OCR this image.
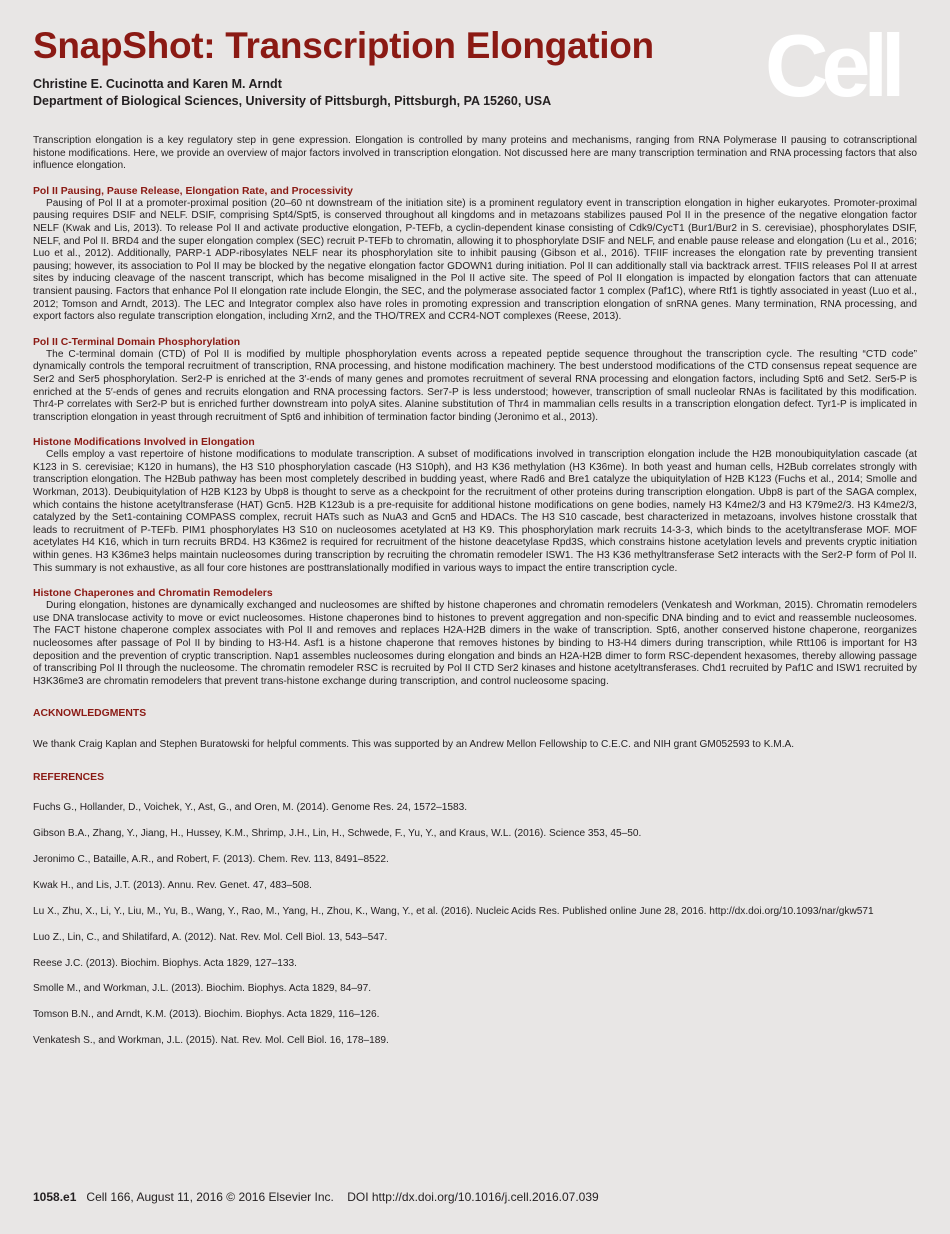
SnapShot: Transcription Elongation
Christine E. Cucinotta and Karen M. Arndt
Department of Biological Sciences, University of Pittsburgh, Pittsburgh, PA 15260, USA Cell

Transcription elongation is a key regulatory step in gene expression. Elongation is controlled by many proteins and mechanisms, ranging from RNA Polymerase II pausing to cotranscriptional histone modifications. Here, we provide an overview of major factors involved in transcription elongation. Not discussed here are many transcription termination and RNA processing factors that also influence elongation.

Pol II Pausing, Pause Release, Elongation Rate, and Processivity

Pausing of Pol II at a promoter-proximal position (20–60 nt downstream of the initiation site) is a prominent regulatory event in transcription elongation in higher eukaryotes. Promoter-proximal pausing requires DSIF and NELF. DSIF, comprising Spt4/Spt5, is conserved throughout all kingdoms and in metazoans stabilizes paused Pol II in the presence of the negative elongation factor NELF (Kwak and Lis, 2013). To release Pol II and activate productive elongation, P-TEFb, a cyclin-dependent kinase consisting of Cdk9/CycT1 (Bur1/Bur2 in S. cerevisiae), phosphorylates DSIF, NELF, and Pol II. BRD4 and the super elongation complex (SEC) recruit P-TEFb to chromatin, allowing it to phosphorylate DSIF and NELF, and enable pause release and elongation (Lu et al., 2016; Luo et al., 2012). Additionally, PARP-1 ADP-ribosylates NELF near its phosphorylation site to inhibit pausing (Gibson et al., 2016). TFIIF increases the elongation rate by preventing transient pausing; however, its association to Pol II may be blocked by the negative elongation factor GDOWN1 during initiation. Pol II can additionally stall via backtrack arrest. TFIIS releases Pol II at arrest sites by inducing cleavage of the nascent transcript, which has become misaligned in the Pol II active site. The speed of Pol II elongation is impacted by elongation factors that can attenuate transient pausing. Factors that enhance Pol II elongation rate include Elongin, the SEC, and the polymerase associated factor 1 complex (Paf1C), where Rtf1 is tightly associated in yeast (Luo et al., 2012; Tomson and Arndt, 2013). The LEC and Integrator complex also have roles in promoting expression and transcription elongation of snRNA genes. Many termination, RNA processing, and export factors also regulate transcription elongation, including Xrn2, and the THO/TREX and CCR4-NOT complexes (Reese, 2013).

Pol II C-Terminal Domain Phosphorylation

The C-terminal domain (CTD) of Pol II is modified by multiple phosphorylation events across a repeated peptide sequence throughout the transcription cycle. The resulting “CTD code” dynamically controls the temporal recruitment of transcription, RNA processing, and histone modification machinery. The best understood modifications of the CTD consensus repeat sequence are Ser2 and Ser5 phosphorylation. Ser2-P is enriched at the 3′-ends of many genes and promotes recruitment of several RNA processing and elongation factors, including Spt6 and Set2. Ser5-P is enriched at the 5′-ends of genes and recruits elongation and RNA processing factors. Ser7-P is less understood; however, transcription of small nucleolar RNAs is facilitated by this modification. Thr4-P correlates with Ser2-P but is enriched further downstream into polyA sites. Alanine substitution of Thr4 in mammalian cells results in a transcription elongation defect. Tyr1-P is implicated in transcription elongation in yeast through recruitment of Spt6 and inhibition of termination factor binding (Jeronimo et al., 2013).

Histone Modifications Involved in Elongation

Cells employ a vast repertoire of histone modifications to modulate transcription. A subset of modifications involved in transcription elongation include the H2B monoubiquitylation cascade (at K123 in S. cerevisiae; K120 in humans), the H3 S10 phosphorylation cascade (H3 S10ph), and H3 K36 methylation (H3 K36me). In both yeast and human cells, H2Bub correlates strongly with transcription elongation. The H2Bub pathway has been most completely described in budding yeast, where Rad6 and Bre1 catalyze the ubiquitylation of H2B K123 (Fuchs et al., 2014; Smolle and Workman, 2013). Deubiquitylation of H2B K123 by Ubp8 is thought to serve as a checkpoint for the recruitment of other proteins during transcription elongation. Ubp8 is part of the SAGA complex, which contains the histone acetyltransferase (HAT) Gcn5. H2B K123ub is a pre-requisite for additional histone modifications on gene bodies, namely H3 K4me2/3 and H3 K79me2/3. H3 K4me2/3, catalyzed by the Set1-containing COMPASS complex, recruit HATs such as NuA3 and Gcn5 and HDACs. The H3 S10 cascade, best characterized in metazoans, involves histone crosstalk that leads to recruitment of P-TEFb. PIM1 phosphorylates H3 S10 on nucleosomes acetylated at H3 K9. This phosphorylation mark recruits 14-3-3, which binds to the acetyltransferase MOF. MOF acetylates H4 K16, which in turn recruits BRD4. H3 K36me2 is required for recruitment of the histone deacetylase Rpd3S, which constrains histone acetylation levels and prevents cryptic initiation within genes. H3 K36me3 helps maintain nucleosomes during transcription by recruiting the chromatin remodeler ISW1. The H3 K36 methyltransferase Set2 interacts with the Ser2-P form of Pol II. This summary is not exhaustive, as all four core histones are posttranslationally modified in various ways to impact the entire transcription cycle.

Histone Chaperones and Chromatin Remodelers

During elongation, histones are dynamically exchanged and nucleosomes are shifted by histone chaperones and chromatin remodelers (Venkatesh and Workman, 2015). Chromatin remodelers use DNA translocase activity to move or evict nucleosomes. Histone chaperones bind to histones to prevent aggregation and non-specific DNA binding and to evict and reassemble nucleosomes. The FACT histone chaperone complex associates with Pol II and removes and replaces H2A-H2B dimers in the wake of transcription. Spt6, another conserved histone chaperone, reorganizes nucleosomes after passage of Pol II by binding to H3-H4. Asf1 is a histone chaperone that removes histones by binding to H3-H4 dimers during transcription, while Rtt106 is important for H3 deposition and the prevention of cryptic transcription. Nap1 assembles nucleosomes during elongation and binds an H2A-H2B dimer to form RSC-dependent hexasomes, thereby allowing passage of transcribing Pol II through the nucleosome. The chromatin remodeler RSC is recruited by Pol II CTD Ser2 kinases and histone acetyltransferases. Chd1 recruited by Paf1C and ISW1 recruited by H3K36me3 are chromatin remodelers that prevent trans-histone exchange during transcription, and control nucleosome spacing.

ACKNOWLEDGMENTS

We thank Craig Kaplan and Stephen Buratowski for helpful comments. This was supported by an Andrew Mellon Fellowship to C.E.C. and NIH grant GM052593 to K.M.A.

REFERENCES

Fuchs G., Hollander, D., Voichek, Y., Ast, G., and Oren, M. (2014). Genome Res. 24, 1572–1583.

Gibson B.A., Zhang, Y., Jiang, H., Hussey, K.M., Shrimp, J.H., Lin, H., Schwede, F., Yu, Y., and Kraus, W.L. (2016). Science 353, 45–50.

Jeronimo C., Bataille, A.R., and Robert, F. (2013). Chem. Rev. 113, 8491–8522.

Kwak H., and Lis, J.T. (2013). Annu. Rev. Genet. 47, 483–508.

Lu X., Zhu, X., Li, Y., Liu, M., Yu, B., Wang, Y., Rao, M., Yang, H., Zhou, K., Wang, Y., et al. (2016). Nucleic Acids Res. Published online June 28, 2016. http://dx.doi.org/10.1093/nar/gkw571

Luo Z., Lin, C., and Shilatifard, A. (2012). Nat. Rev. Mol. Cell Biol. 13, 543–547.

Reese J.C. (2013). Biochim. Biophys. Acta 1829, 127–133.

Smolle M., and Workman, J.L. (2013). Biochim. Biophys. Acta 1829, 84–97.

Tomson B.N., and Arndt, K.M. (2013). Biochim. Biophys. Acta 1829, 116–126.

Venkatesh S., and Workman, J.L. (2015). Nat. Rev. Mol. Cell Biol. 16, 178–189.

1058.e1 Cell 166, August 11, 2016 © 2016 Elsevier Inc. DOI http://dx.doi.org/10.1016/j.cell.2016.07.039
